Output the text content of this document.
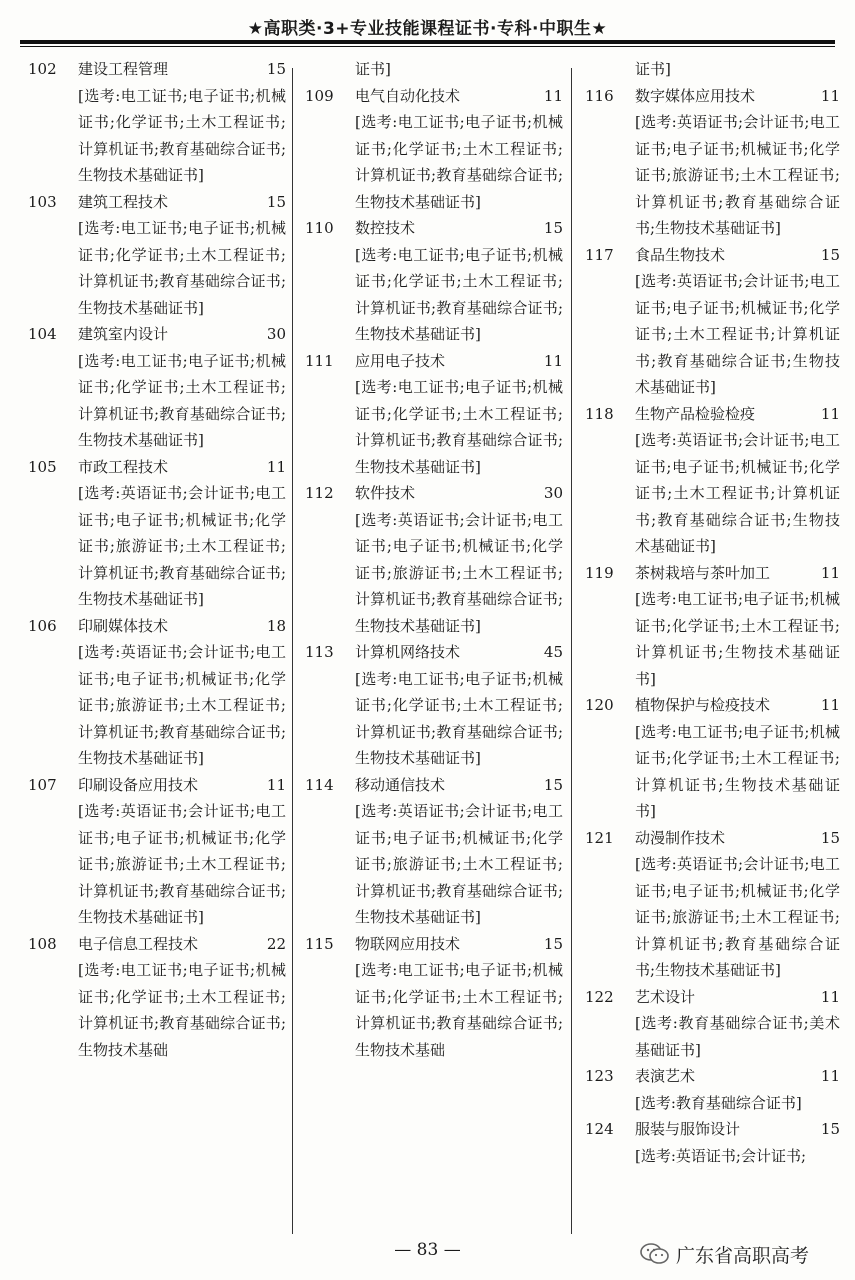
★高职类·3+专业技能课程证书·专科·中职生★
102	建设工程管理	15
[选考:电工证书;电子证书;机械证书;化学证书;土木工程证书;计算机证书;教育基础综合证书;生物技术基础证书]
103	建筑工程技术	15
[选考:电工证书;电子证书;机械证书;化学证书;土木工程证书;计算机证书;教育基础综合证书;生物技术基础证书]
104	建筑室内设计	30
[选考:电工证书;电子证书;机械证书;化学证书;土木工程证书;计算机证书;教育基础综合证书;生物技术基础证书]
105	市政工程技术	11
[选考:英语证书;会计证书;电工证书;电子证书;机械证书;化学证书;旅游证书;土木工程证书;计算机证书;教育基础综合证书;生物技术基础证书]
106	印刷媒体技术	18
[选考:英语证书;会计证书;电工证书;电子证书;机械证书;化学证书;旅游证书;土木工程证书;计算机证书;教育基础综合证书;生物技术基础证书]
107	印刷设备应用技术	11
[选考:英语证书;会计证书;电工证书;电子证书;机械证书;化学证书;旅游证书;土木工程证书;计算机证书;教育基础综合证书;生物技术基础证书]
108	电子信息工程技术	22
[选考:电工证书;电子证书;机械证书;化学证书;土木工程证书;计算机证书;教育基础综合证书;生物技术基础
证书]
109	电气自动化技术	11
[选考:电工证书;电子证书;机械证书;化学证书;土木工程证书;计算机证书;教育基础综合证书;生物技术基础证书]
110	数控技术	15
[选考:电工证书;电子证书;机械证书;化学证书;土木工程证书;计算机证书;教育基础综合证书;生物技术基础证书]
111	应用电子技术	11
[选考:电工证书;电子证书;机械证书;化学证书;土木工程证书;计算机证书;教育基础综合证书;生物技术基础证书]
112	软件技术	30
[选考:英语证书;会计证书;电工证书;电子证书;机械证书;化学证书;旅游证书;土木工程证书;计算机证书;教育基础综合证书;生物技术基础证书]
113	计算机网络技术	45
[选考:电工证书;电子证书;机械证书;化学证书;土木工程证书;计算机证书;教育基础综合证书;生物技术基础证书]
114	移动通信技术	15
[选考:英语证书;会计证书;电工证书;电子证书;机械证书;化学证书;旅游证书;土木工程证书;计算机证书;教育基础综合证书;生物技术基础证书]
115	物联网应用技术	15
[选考:电工证书;电子证书;机械证书;化学证书;土木工程证书;计算机证书;教育基础综合证书;生物技术基础
证书]
116	数字媒体应用技术	11
[选考:英语证书;会计证书;电工证书;电子证书;机械证书;化学证书;旅游证书;土木工程证书;计算机证书;教育基础综合证书;生物技术基础证书]
117	食品生物技术	15
[选考:英语证书;会计证书;电工证书;电子证书;机械证书;化学证书;土木工程证书;计算机证书;教育基础综合证书;生物技术基础证书]
118	生物产品检验检疫	11
[选考:英语证书;会计证书;电工证书;电子证书;机械证书;化学证书;土木工程证书;计算机证书;教育基础综合证书;生物技术基础证书]
119	茶树栽培与茶叶加工	11
[选考:电工证书;电子证书;机械证书;化学证书;土木工程证书;计算机证书;生物技术基础证书]
120	植物保护与检疫技术	11
[选考:电工证书;电子证书;机械证书;化学证书;土木工程证书;计算机证书;生物技术基础证书]
121	动漫制作技术	15
[选考:英语证书;会计证书;电工证书;电子证书;机械证书;化学证书;旅游证书;土木工程证书;计算机证书;教育基础综合证书;生物技术基础证书]
122	艺术设计	11
[选考:教育基础综合证书;美术基础证书]
123	表演艺术	11
[选考:教育基础综合证书]
124	服装与服饰设计	15
[选考:英语证书;会计证书;
— 83 —	广东省高职高考
